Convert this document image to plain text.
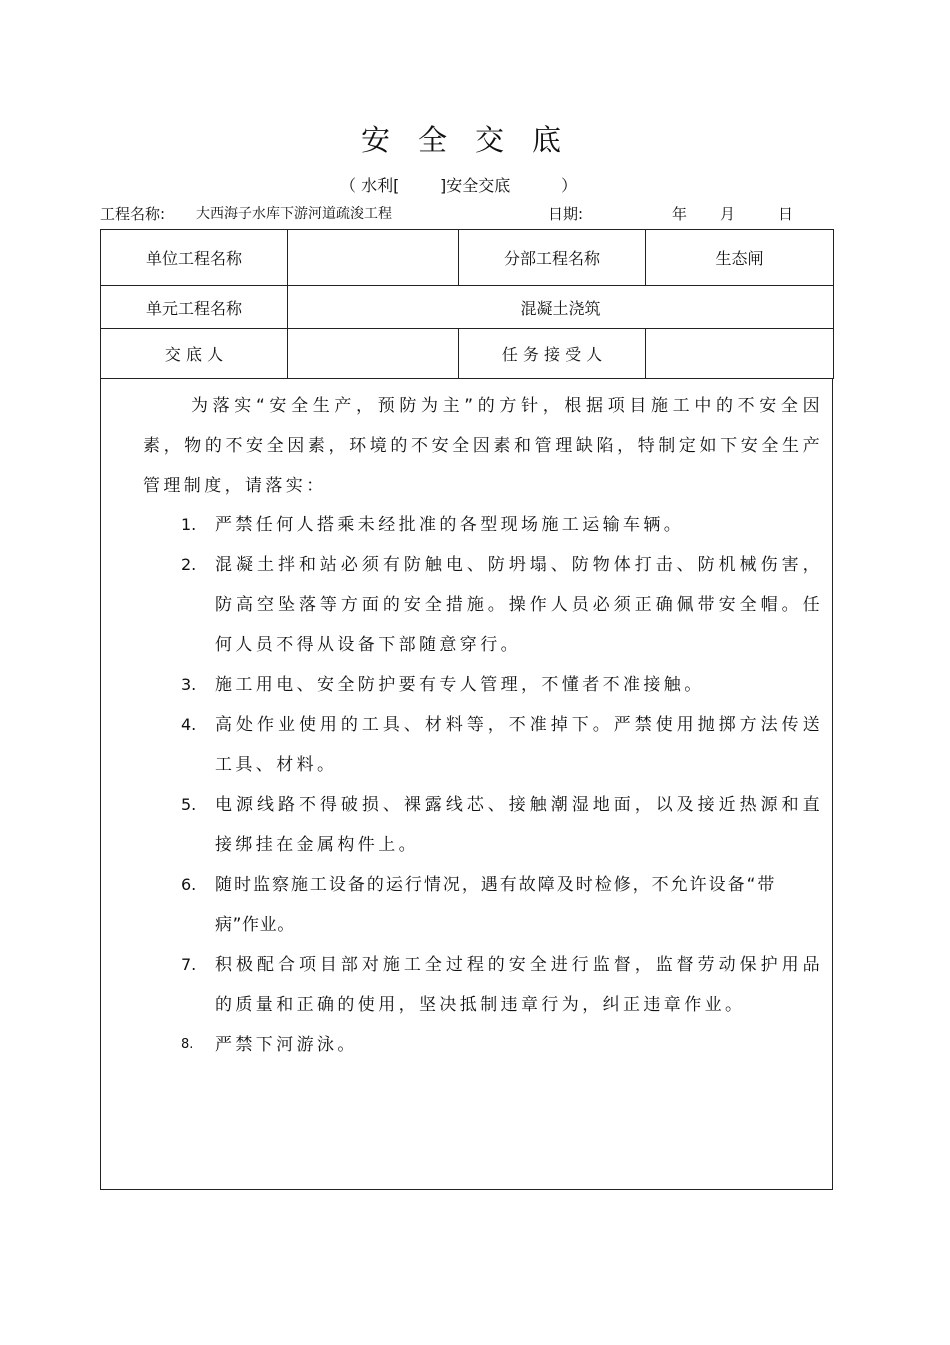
安全交底
（ 水利[        ]安全交底          ）
工程名称: 大西海子水库下游河道疏浚工程	日期:	年 月	日
单位工程名称		分部工程名称	生态闸
单元工程名称	混凝土浇筑		
交 底 人		任 务 接 受 人	
为落实“安全生产，预防为主”的方针，根据项目施工中的不安全因素，物的不安全因素，环境的不安全因素和管理缺陷，特制定如下安全生产管理制度，请落实：
1.	严禁任何人搭乘未经批准的各型现场施工运输车辆。
2.	混凝土拌和站必须有防触电、防坍塌、防物体打击、防机械伤害，防高空坠落等方面的安全措施。操作人员必须正确佩带安全帽。任何人员不得从设备下部随意穿行。
3.	施工用电、安全防护要有专人管理，不懂者不准接触。
4.	高处作业使用的工具、材料等，不准掉下。严禁使用抛掷方法传送工具、材料。
5.	电源线路不得破损、裸露线芯、接触潮湿地面，以及接近热源和直接绑挂在金属构件上。
6.	随时监察施工设备的运行情况，遇有故障及时检修，不允许设备“带病”作业。
7.	积极配合项目部对施工全过程的安全进行监督，监督劳动保护用品的质量和正确的使用，坚决抵制违章行为，纠正违章作业。
8.	严禁下河游泳。
